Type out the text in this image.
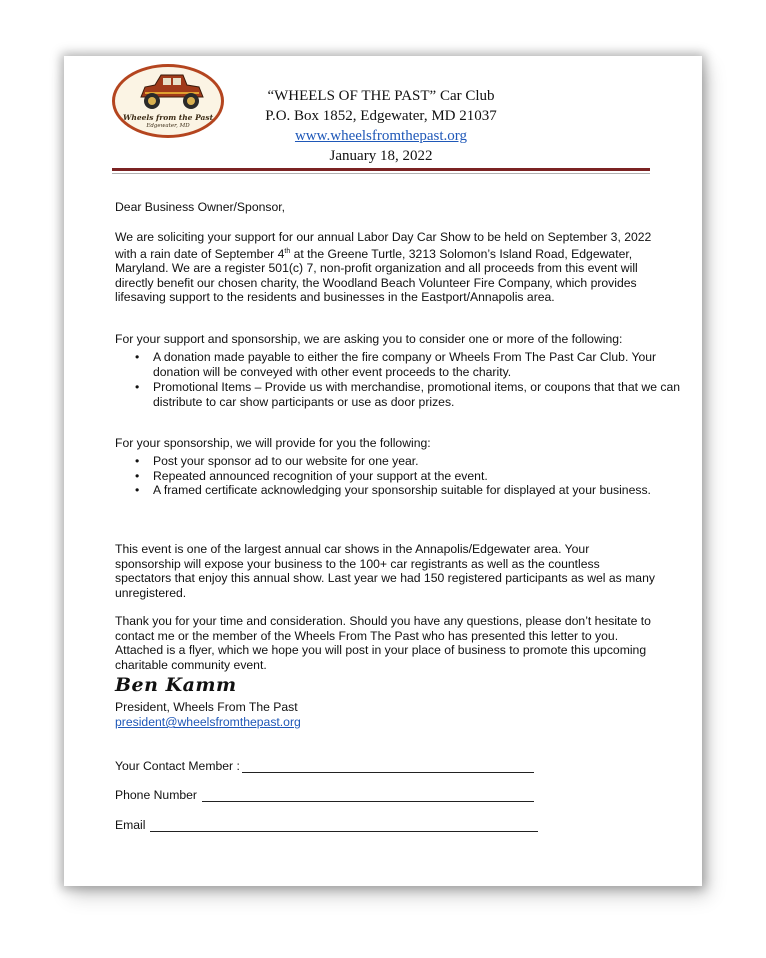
Wheels from the Past
Edgewater, MD
“WHEELS OF THE PAST” Car Club
P.O. Box 1852, Edgewater, MD 21037
www.wheelsfromthepast.org
January 18, 2022

Dear Business Owner/Sponsor,

We are soliciting your support for our annual Labor Day Car Show to be held on September 3, 2022 with a rain date of September 4th at the Greene Turtle, 3213 Solomon’s Island Road, Edgewater, Maryland. We are a register 501(c) 7, non-profit organization and all proceeds from this event will directly benefit our chosen charity, the Woodland Beach Volunteer Fire Company, which provides lifesaving support to the residents and businesses in the Eastport/Annapolis area.

For your support and sponsorship, we are asking you to consider one or more of the following:

• A donation made payable to either the fire company or Wheels From The Past Car Club. Your donation will be conveyed with other event proceeds to the charity.
• Promotional Items – Provide us with merchandise, promotional items, or coupons that that we can distribute to car show participants or use as door prizes.

For your sponsorship, we will provide for you the following:

• Post your sponsor ad to our website for one year.
• Repeated announced recognition of your support at the event.
• A framed certificate acknowledging your sponsorship suitable for displayed at your business.

This event is one of the largest annual car shows in the Annapolis/Edgewater area. Your sponsorship will expose your business to the 100+ car registrants as well as the countless spectators that enjoy this annual show. Last year we had 150 registered participants as wel as many unregistered.

Thank you for your time and consideration. Should you have any questions, please don’t hesitate to contact me or the member of the Wheels From The Past who has presented this letter to you. Attached is a flyer, which we hope you will post in your place of business to promote this upcoming charitable community event.

Ben Kamm
President, Wheels From The Past
president@wheelsfromthepast.org
Your Contact Member :
Phone Number
Email
